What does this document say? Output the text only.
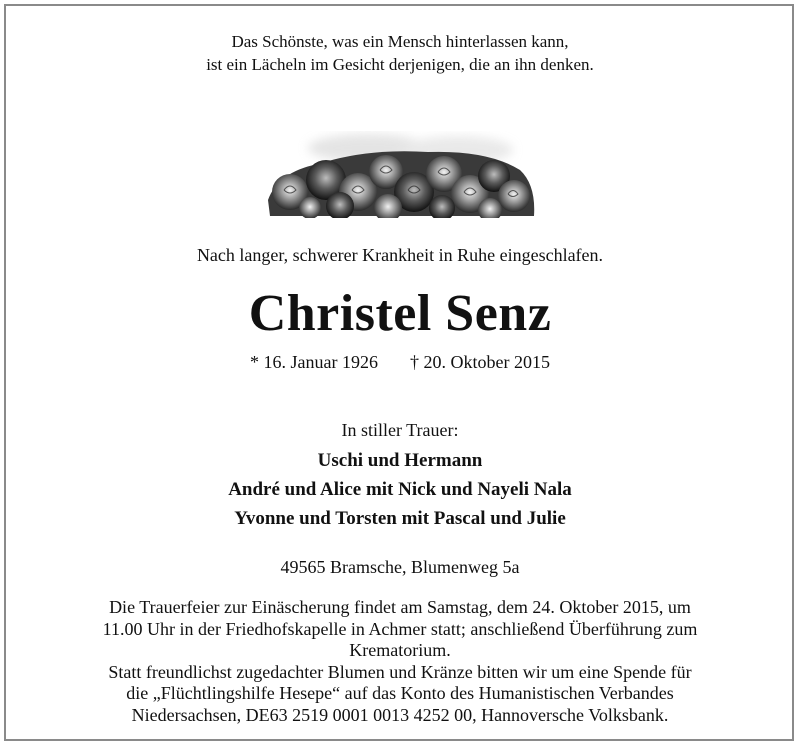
Das Schönste, was ein Mensch hinterlassen kann,
ist ein Lächeln im Gesicht derjenigen, die an ihn denken.
Nach langer, schwerer Krankheit in Ruhe eingeschlafen.
Christel Senz
* 16. Januar 1926 † 20. Oktober 2015
In stiller Trauer:
Uschi und Hermann
André und Alice mit Nick und Nayeli Nala
Yvonne und Torsten mit Pascal und Julie
49565 Bramsche, Blumenweg 5a
Die Trauerfeier zur Einäscherung findet am Samstag, dem 24. Oktober 2015, um
11.00 Uhr in der Friedhofskapelle in Achmer statt; anschließend Überführung zum
Krematorium.
Statt freundlichst zugedachter Blumen und Kränze bitten wir um eine Spende für
die „Flüchtlingshilfe Hesepe“ auf das Konto des Humanistischen Verbandes
Niedersachsen, DE63 2519 0001 0013 4252 00, Hannoversche Volksbank.
